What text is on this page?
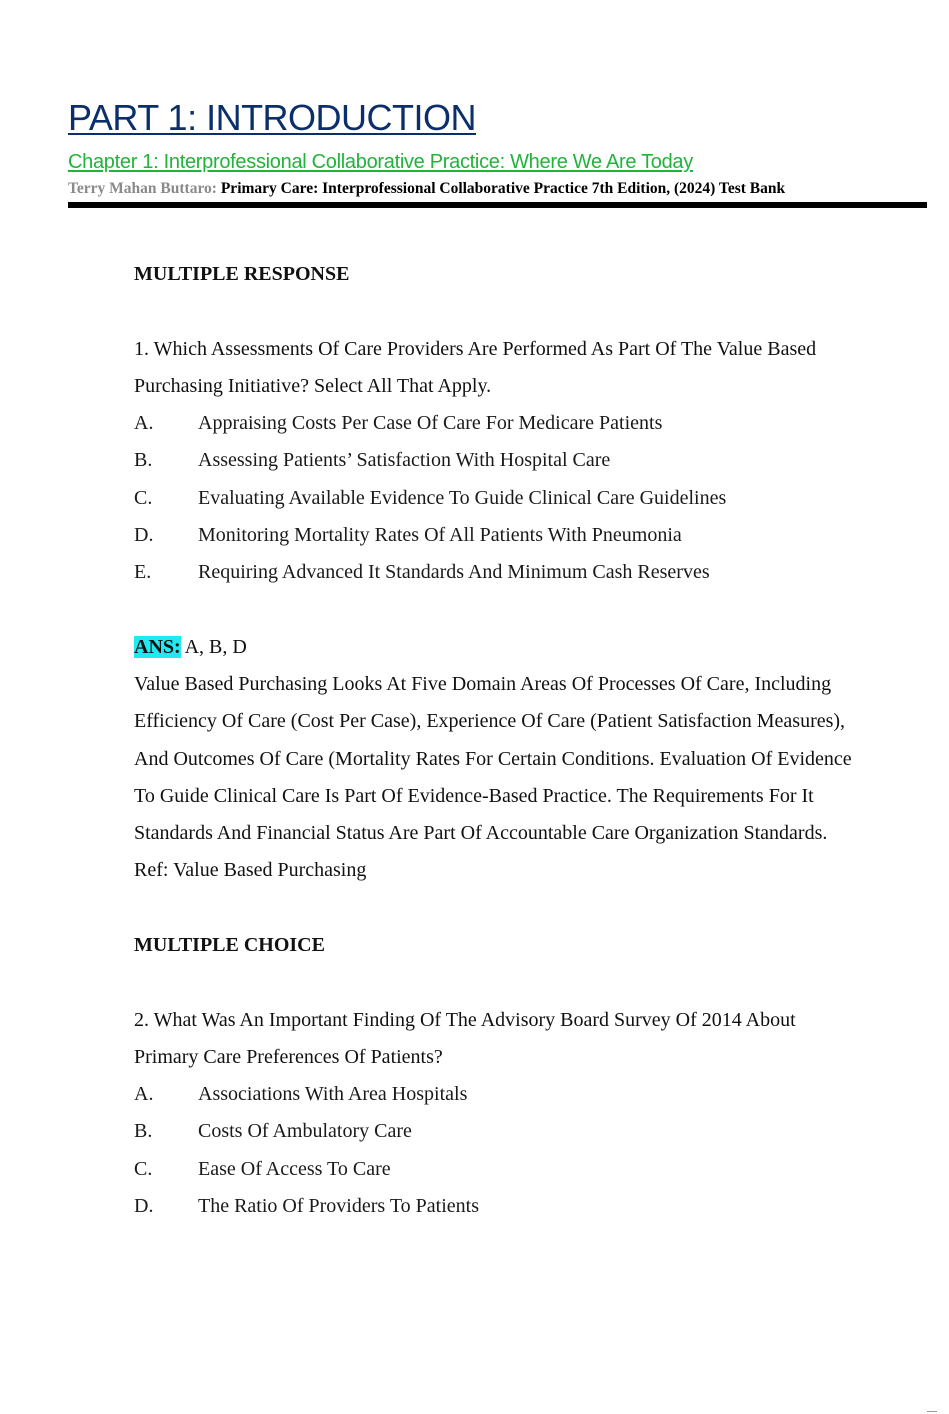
PART 1: INTRODUCTION
Chapter 1: Interprofessional Collaborative Practice: Where We Are Today
Terry Mahan Buttaro: Primary Care: Interprofessional Collaborative Practice 7th Edition, (2024) Test Bank
MULTIPLE RESPONSE
1. Which Assessments Of Care Providers Are Performed As Part Of The Value Based
Purchasing Initiative? Select All That Apply.
A. Appraising Costs Per Case Of Care For Medicare Patients
B. Assessing Patients’ Satisfaction With Hospital Care
C. Evaluating Available Evidence To Guide Clinical Care Guidelines
D. Monitoring Mortality Rates Of All Patients With Pneumonia
E. Requiring Advanced It Standards And Minimum Cash Reserves
ANS: A, B, D
Value Based Purchasing Looks At Five Domain Areas Of Processes Of Care, Including
Efficiency Of Care (Cost Per Case), Experience Of Care (Patient Satisfaction Measures),
And Outcomes Of Care (Mortality Rates For Certain Conditions. Evaluation Of Evidence
To Guide Clinical Care Is Part Of Evidence-Based Practice. The Requirements For It
Standards And Financial Status Are Part Of Accountable Care Organization Standards.
Ref: Value Based Purchasing
MULTIPLE CHOICE
2. What Was An Important Finding Of The Advisory Board Survey Of 2014 About
Primary Care Preferences Of Patients?
A. Associations With Area Hospitals
B. Costs Of Ambulatory Care
C. Ease Of Access To Care
D. The Ratio Of Providers To Patients
